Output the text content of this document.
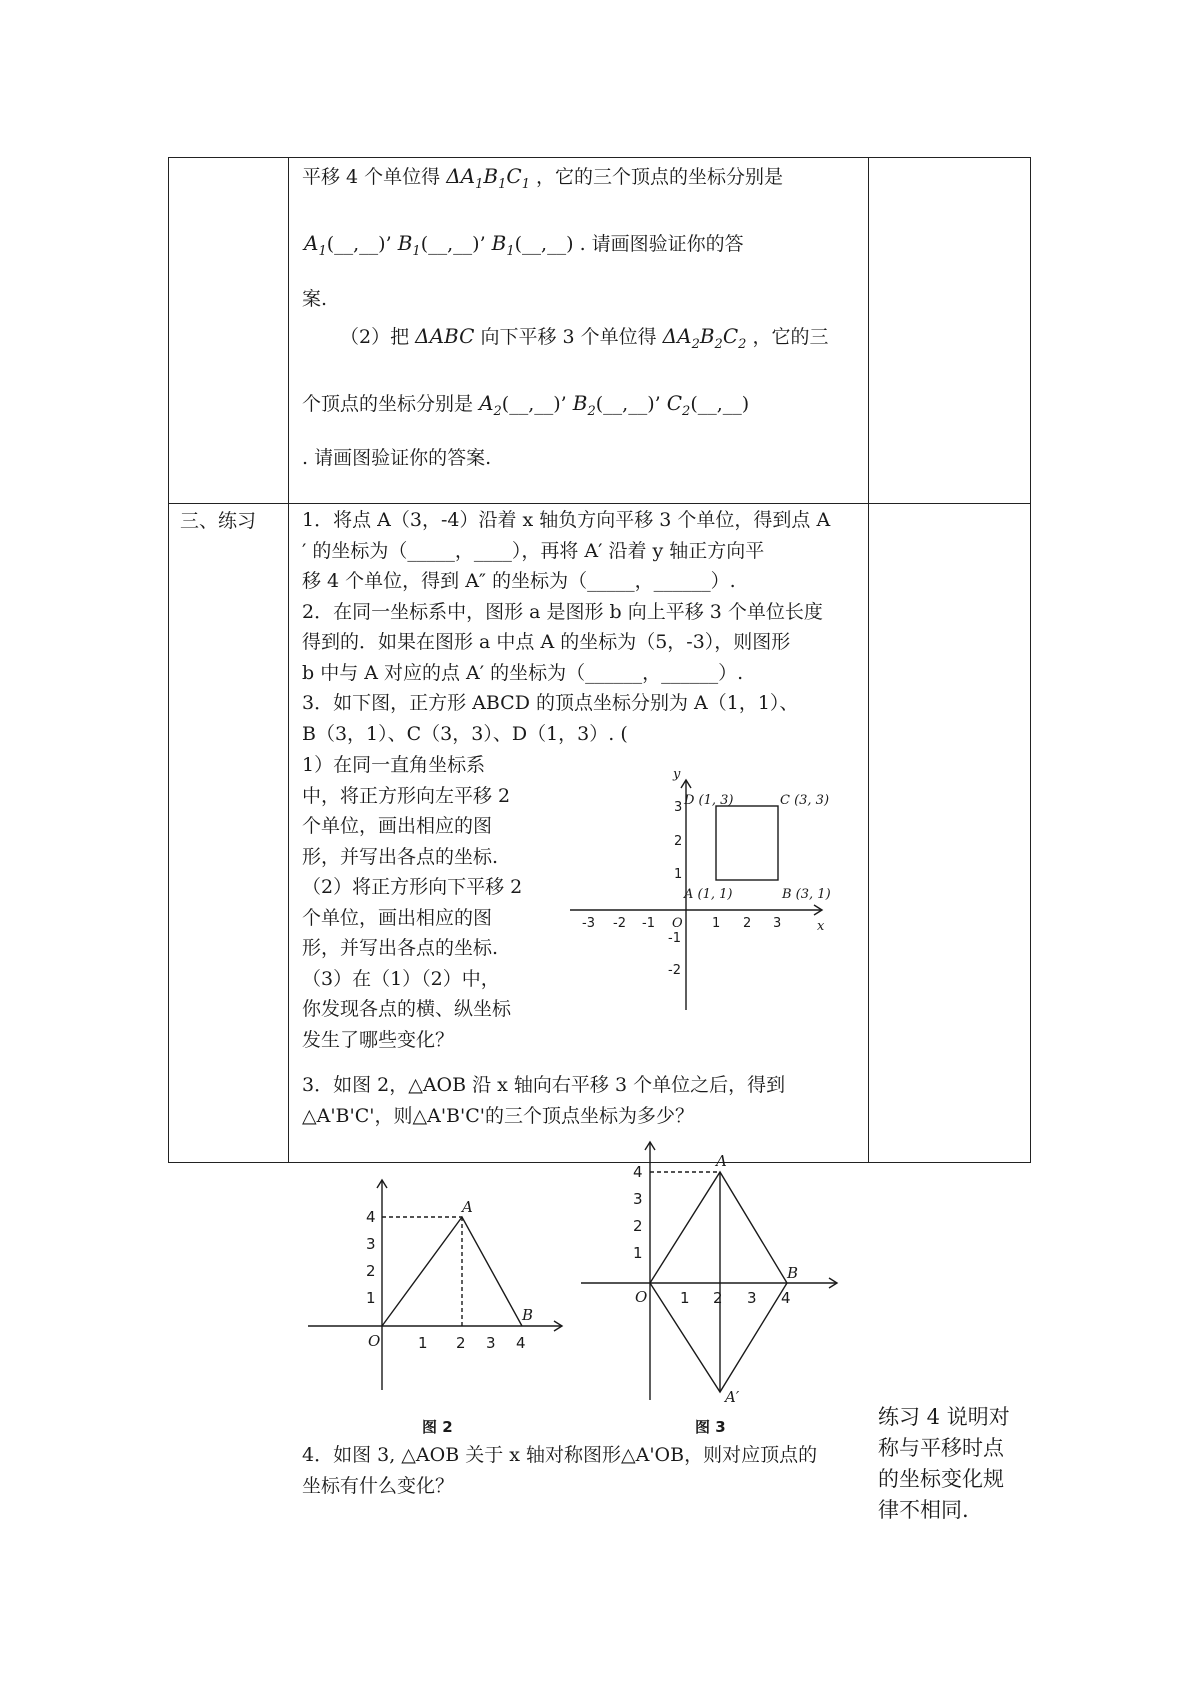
平移 4 个单位得 $\Delta A_1B_1C_1$ ，它的三个顶点的坐标分别是
$A_1(\_\_,\_\_)$’ $B_1(\_\_,\_\_)$’ $B_1(\_\_,\_\_)$ . 请画图验证你的答
案.
（2）把 ΔABC 向下平移 3 个单位得 $\Delta A_2B_2C_2$ ，它的三
个顶点的坐标分别是 $A_2(\_\_,\_\_)$’ $B_2(\_\_,\_\_)$’ $C_2(\_\_,\_\_)$
. 请画图验证你的答案.
三、练习 1．将点 A（3，-4）沿着 x 轴负方向平移 3 个单位，得到点 A
′ 的坐标为（_____，____），再将 A′ 沿着 y 轴正方向平
移 4 个单位，得到 A″ 的坐标为（_____，______）.
2．在同一坐标系中，图形 a 是图形 b 向上平移 3 个单位长度
得到的．如果在图形 a 中点 A 的坐标为（5，-3），则图形
b 中与 A 对应的点 A′ 的坐标为（______，______）.
3．如下图，正方形 ABCD 的顶点坐标分别为 A（1，1）、
B（3，1）、C（3，3）、D（1，3）. (
1）在同一直角坐标系
中，将正方形向左平移 2
个单位，画出相应的图
形，并写出各点的坐标.
（2）将正方形向下平移 2
个单位，画出相应的图
形，并写出各点的坐标.
（3）在（1）（2）中，
你发现各点的横、纵坐标
发生了哪些变化？
3．如图 2，△AOB 沿 x 轴向右平移 3 个单位之后，得到
△A'B'C'，则△A'B'C'的三个顶点坐标为多少？
4．如图 3, △AOB 关于 x 轴对称图形△A'OB，则对应顶点的
坐标有什么变化？
练习 4 说明对
称与平移时点
的坐标变化规
律不相同.
y
x
-3 -2 -1 O 1 2 3
3
2
1
-1
-2
D (1, 3)	C (3, 3)
A (1, 1)	B (3, 1)
4
3
2
1
1 2 3 4
O
A
B
图 2
4
3
2
1
1 2 3 4
O
A
B
A′
图 3
